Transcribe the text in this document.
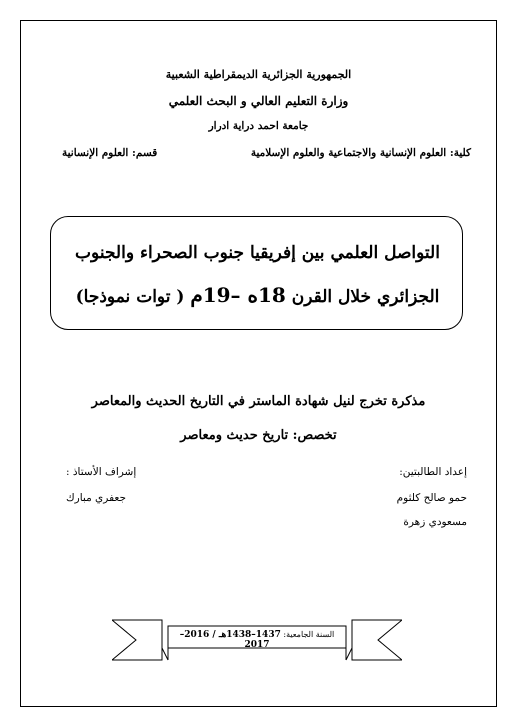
الجمهورية الجزائرية الديمقراطية الشعبية
وزارة التعليم العالي و البحث العلمي
جامعة احمد دراية ادرار
كلية: العلوم الإنسانية والاجتماعية والعلوم الإسلامية
قسم: العلوم الإنسانية
التواصل العلمي بين إفريقيا جنوب الصحراء والجنوب
الجزائري خلال القرن 18ه –19م ( توات نموذجا)
مذكرة تخرج لنيل شهادة الماستر في التاريخ الحديث والمعاصر
تخصص: تاريخ حديث ومعاصر
إعداد الطالبتين:
حمو صالح كلثوم
مسعودي زهرة
إشراف الأستاذ :
جعفري مبارك
السنة الجامعية: 1437–1438هـ / 2016–2017
